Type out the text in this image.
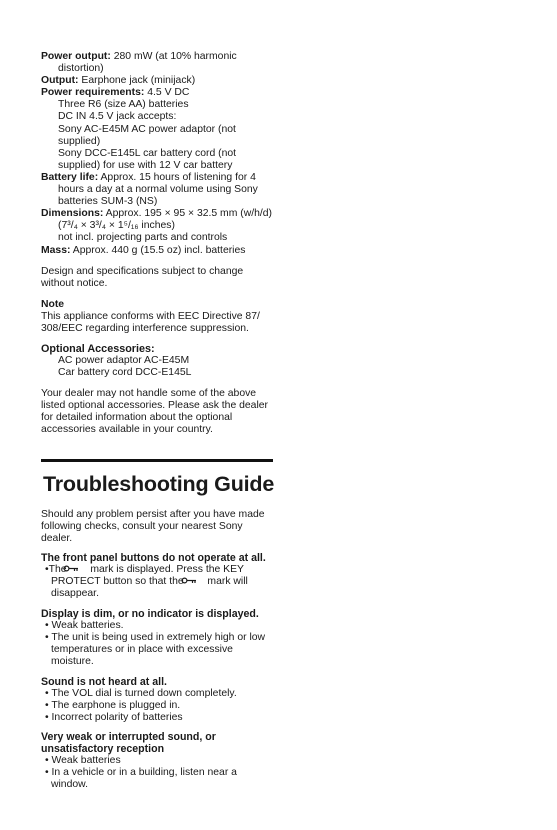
Power output: 280 mW (at 10% harmonic

distortion)

Output: Earphone jack (minijack)

Power requirements: 4.5 V DC

Three R6 (size AA) batteries

DC IN 4.5 V jack accepts:

Sony AC-E45M AC power adaptor (not

supplied)

Sony DCC-E145L car battery cord (not

supplied) for use with 12 V car battery

Battery life: Approx. 15 hours of listening for 4

hours a day at a normal volume using Sony

batteries SUM-3 (NS)

Dimensions: Approx. 195 × 95 × 32.5 mm (w/h/d)

(7³/₄ × 3³/₄ × 1⁵/₁₆ inches)

not incl. projecting parts and controls

Mass: Approx. 440 g (15.5 oz) incl. batteries

Design and specifications subject to change without notice.

Note

This appliance conforms with EEC Directive 87/ 308/EEC regarding interference suppression.

Optional Accessories:

AC power adaptor AC-E45M

Car battery cord DCC-E145L

Your dealer may not handle some of the above listed optional accessories. Please ask the dealer for detailed information about the optional accessories available in your country.

Troubleshooting Guide

Should any problem persist after you have made following checks, consult your nearest Sony dealer.

The front panel buttons do not operate at all.

•The  mark is displayed. Press the KEY PROTECT button so that the  mark will disappear.

Display is dim, or no indicator is displayed.

• Weak batteries.

• The unit is being used in extremely high or low temperatures or in place with excessive moisture.

Sound is not heard at all.

• The VOL dial is turned down completely.

• The earphone is plugged in.

• Incorrect polarity of batteries

Very weak or interrupted sound, or unsatisfactory reception

• Weak batteries

• In a vehicle or in a building, listen near a window.
